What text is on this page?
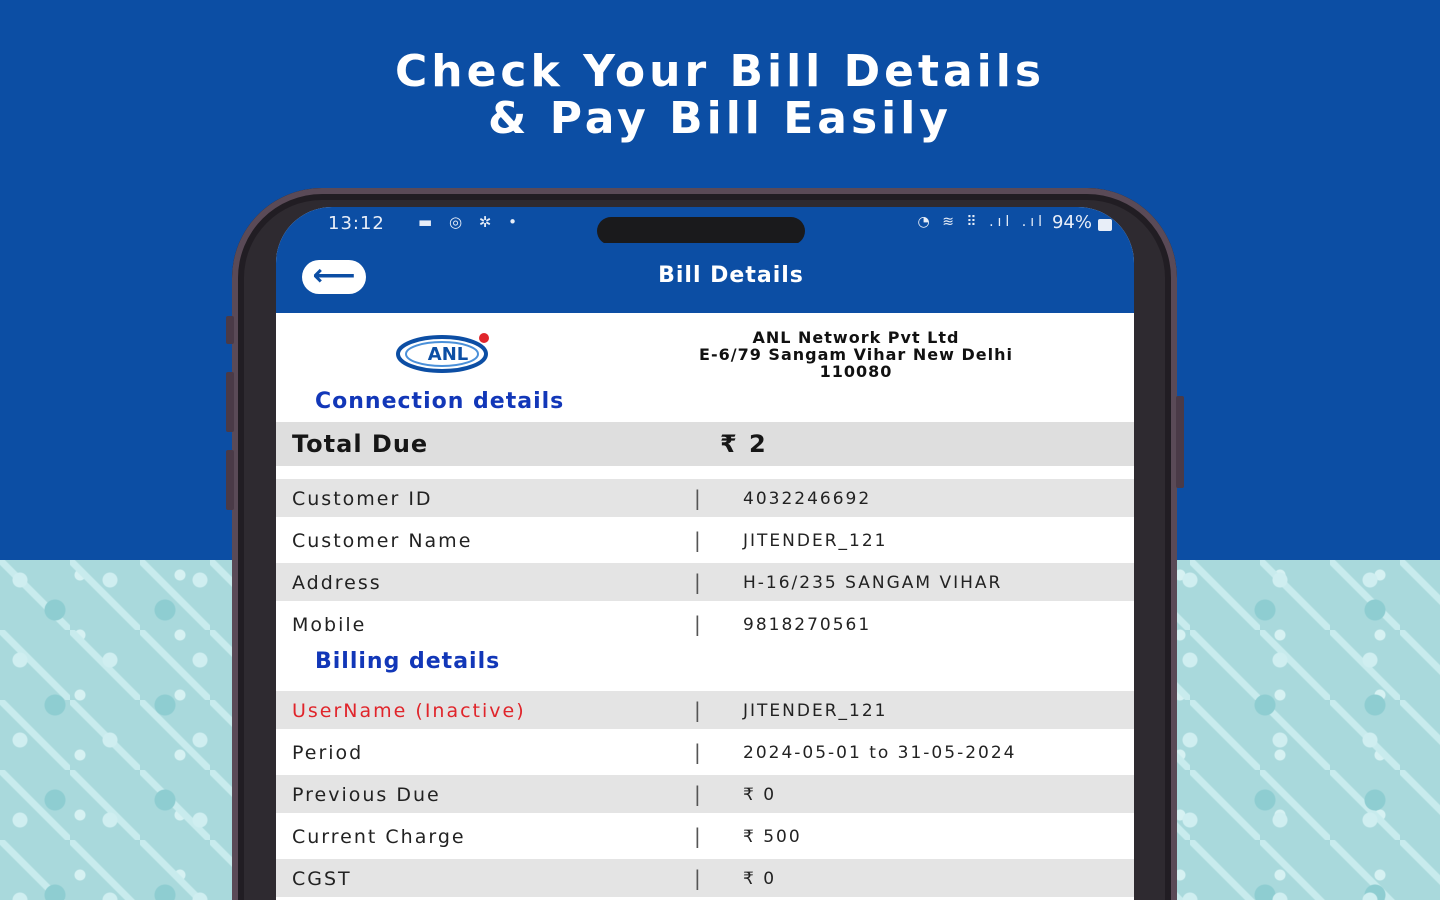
Check Your Bill Details
& Pay Bill Easily
13:12 ▬ ◎ ✲ •	◔ ≋ ⠿ .ıl .ıl 94%
⟵	Bill Details
ANL
ANL Network Pvt Ltd
E-6/79 Sangam Vihar New Delhi
110080
Connection details
Total Due	₹ 2
Customer ID	| 4032246692
Customer Name	| JITENDER_121
Address	| H-16/235 SANGAM VIHAR
Mobile	| 9818270561
Billing details
UserName (Inactive)	| JITENDER_121
Period	| 2024-05-01 to 31-05-2024
Previous Due	| ₹ 0
Current Charge	| ₹ 500
CGST	| ₹ 0
